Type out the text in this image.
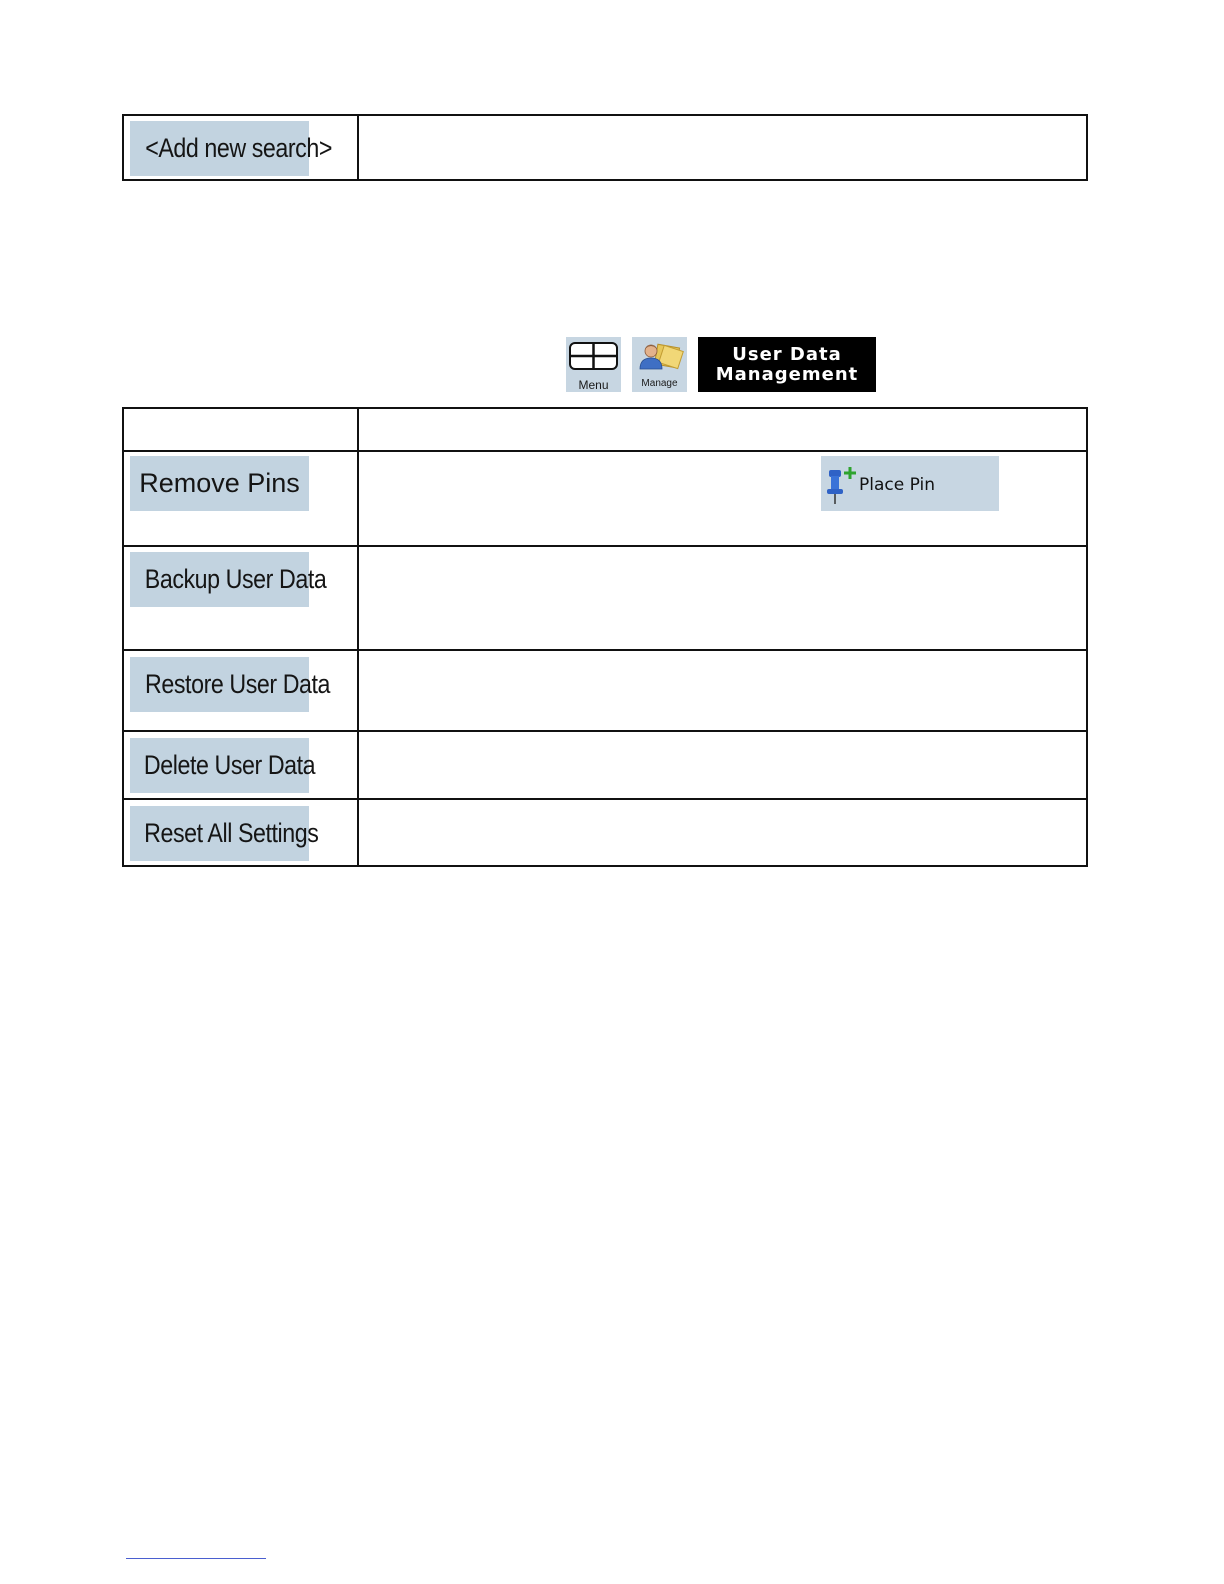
<Add new search>
Menu	Manage
User Data
Management
Remove Pins	Place Pin
Backup User Data
Restore User Data
Delete User Data
Reset All Settings
